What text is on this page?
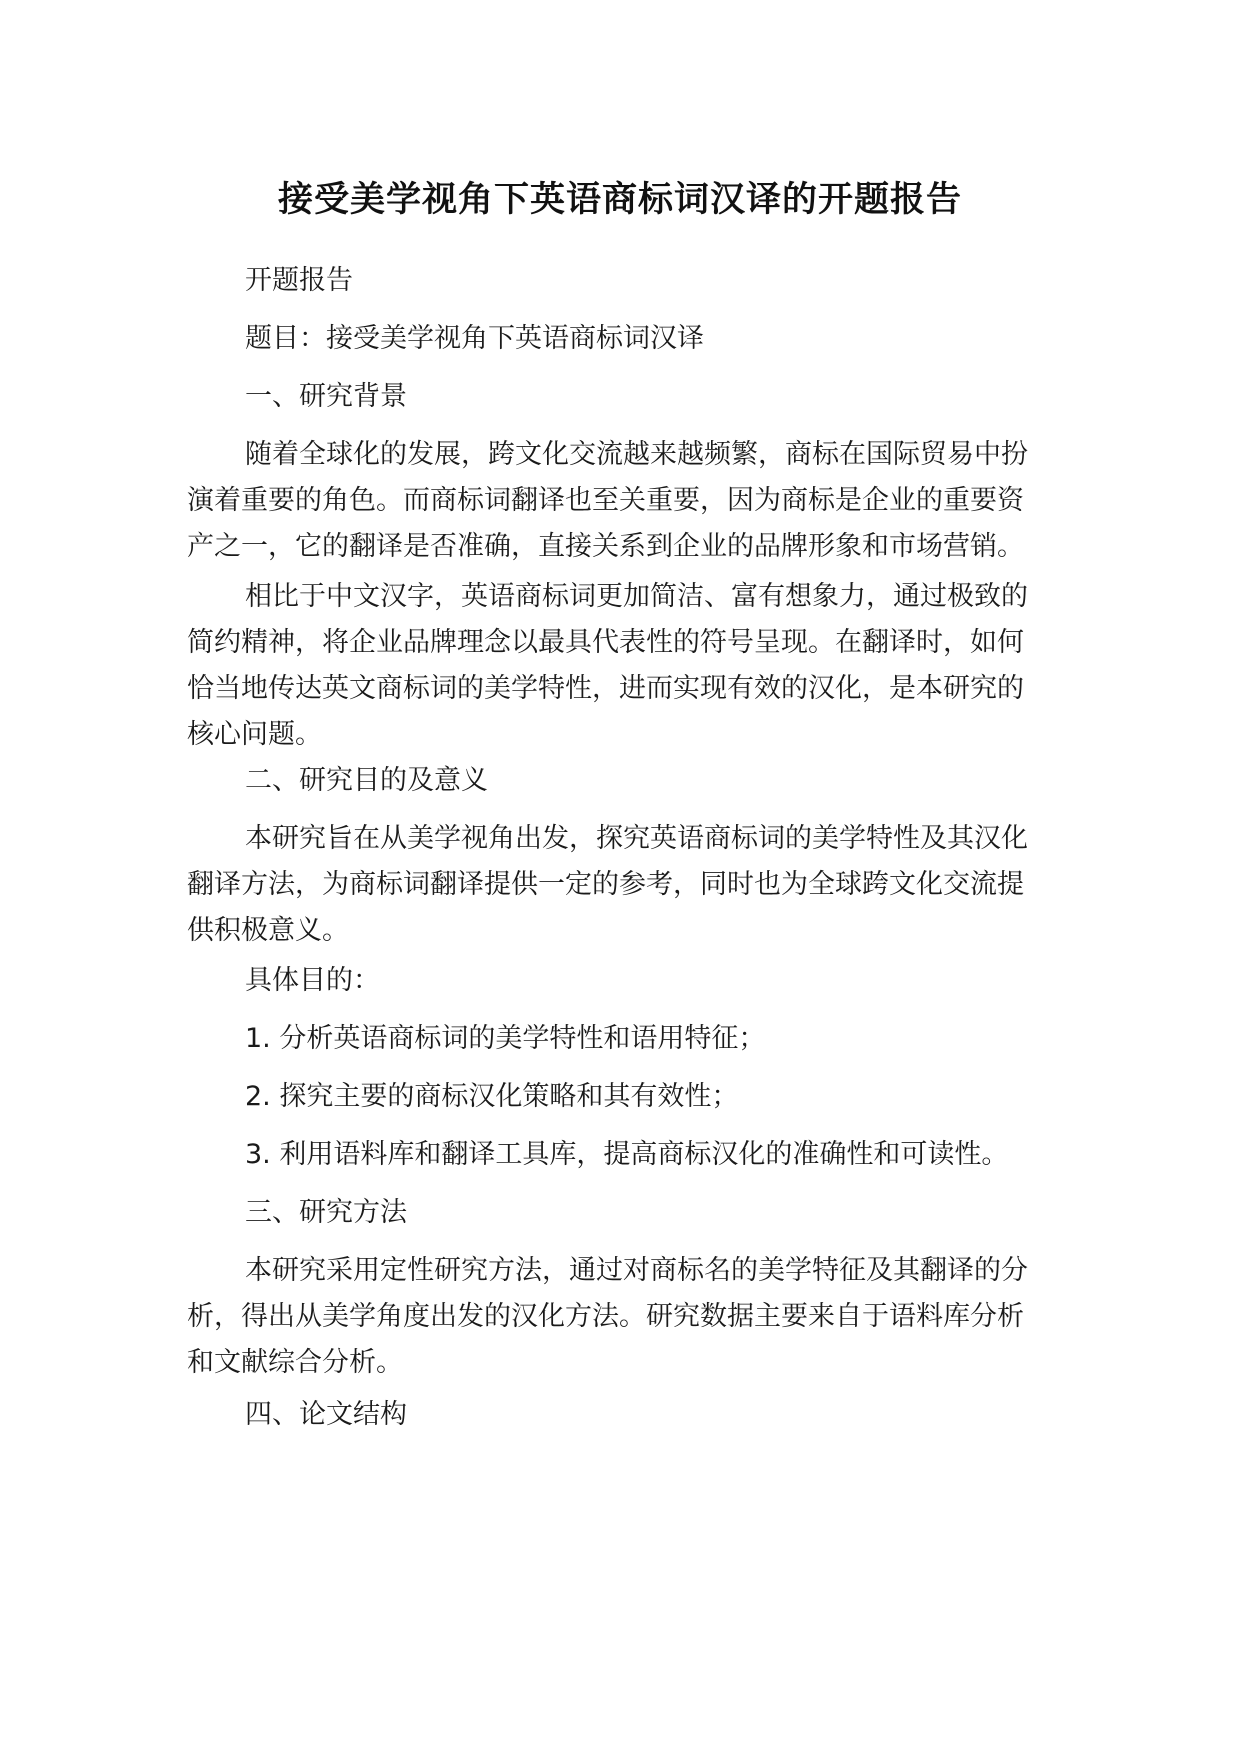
接受美学视角下英语商标词汉译的开题报告

开题报告

题目：接受美学视角下英语商标词汉译

一、研究背景

随着全球化的发展，跨文化交流越来越频繁，商标在国际贸易中扮演着重要的角色。而商标词翻译也至关重要，因为商标是企业的重要资产之一，它的翻译是否准确，直接关系到企业的品牌形象和市场营销。

相比于中文汉字，英语商标词更加简洁、富有想象力，通过极致的简约精神，将企业品牌理念以最具代表性的符号呈现。在翻译时，如何恰当地传达英文商标词的美学特性，进而实现有效的汉化，是本研究的核心问题。

二、研究目的及意义

本研究旨在从美学视角出发，探究英语商标词的美学特性及其汉化翻译方法，为商标词翻译提供一定的参考，同时也为全球跨文化交流提供积极意义。

具体目的：

1. 分析英语商标词的美学特性和语用特征；

2. 探究主要的商标汉化策略和其有效性；

3. 利用语料库和翻译工具库，提高商标汉化的准确性和可读性。

三、研究方法

本研究采用定性研究方法，通过对商标名的美学特征及其翻译的分析，得出从美学角度出发的汉化方法。研究数据主要来自于语料库分析和文献综合分析。

四、论文结构
